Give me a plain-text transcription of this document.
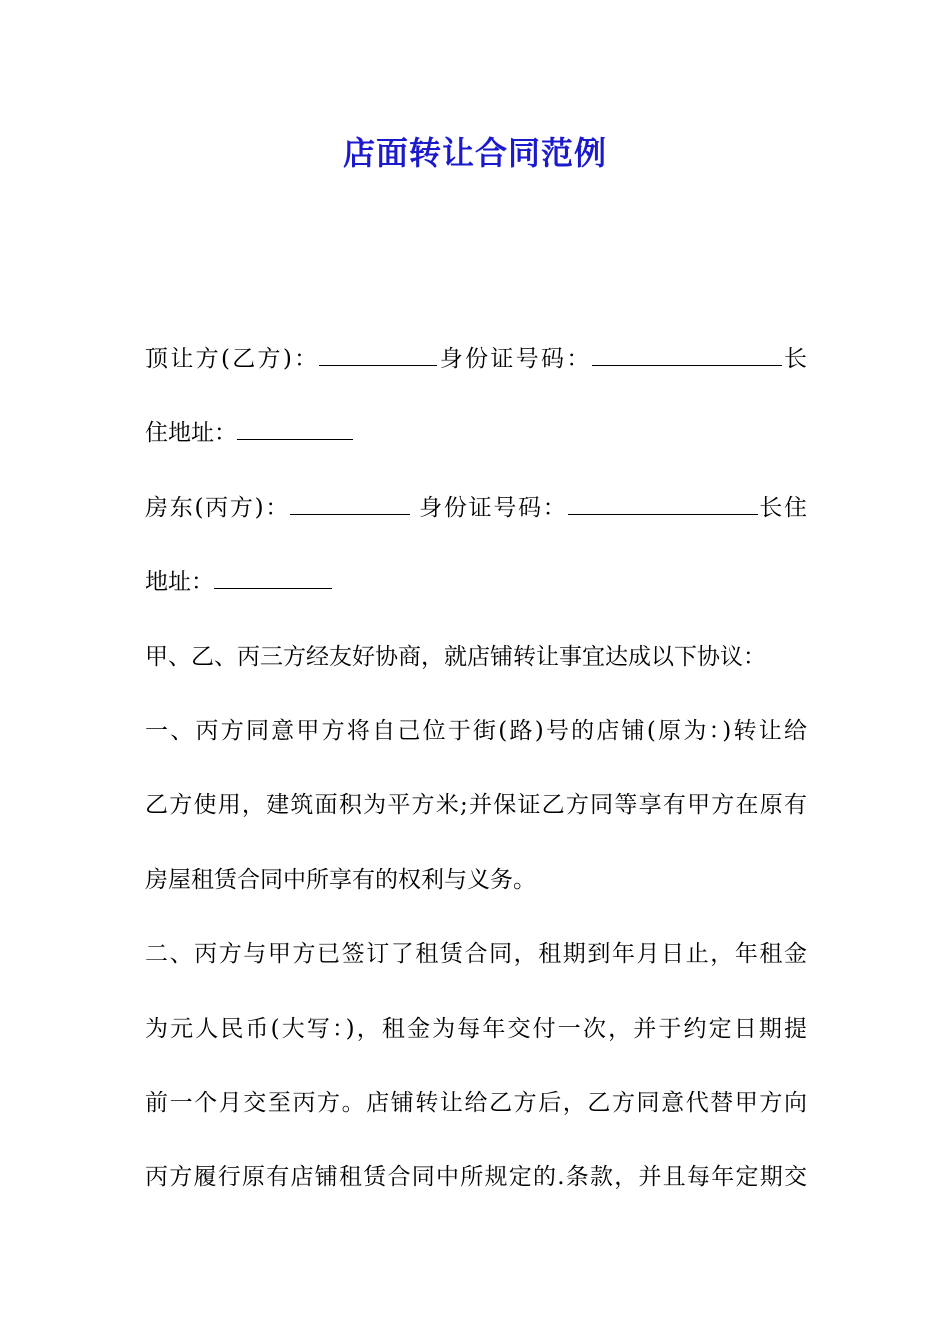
店面转让合同范例
顶让方(乙方)：	身份证号码：	长
住地址：
房东(丙方)：	身份证号码：	长住
地址：
甲、乙、丙三方经友好协商，就店铺转让事宜达成以下协议：
一、丙方同意甲方将自己位于街(路)号的店铺(原为：)转让给
乙方使用，建筑面积为平方米;并保证乙方同等享有甲方在原有
房屋租赁合同中所享有的权利与义务。
二、丙方与甲方已签订了租赁合同，租期到年月日止，年租金
为元人民币(大写：)，租金为每年交付一次，并于约定日期提
前一个月交至丙方。店铺转让给乙方后，乙方同意代替甲方向
丙方履行原有店铺租赁合同中所规定的.条款，并且每年定期交
